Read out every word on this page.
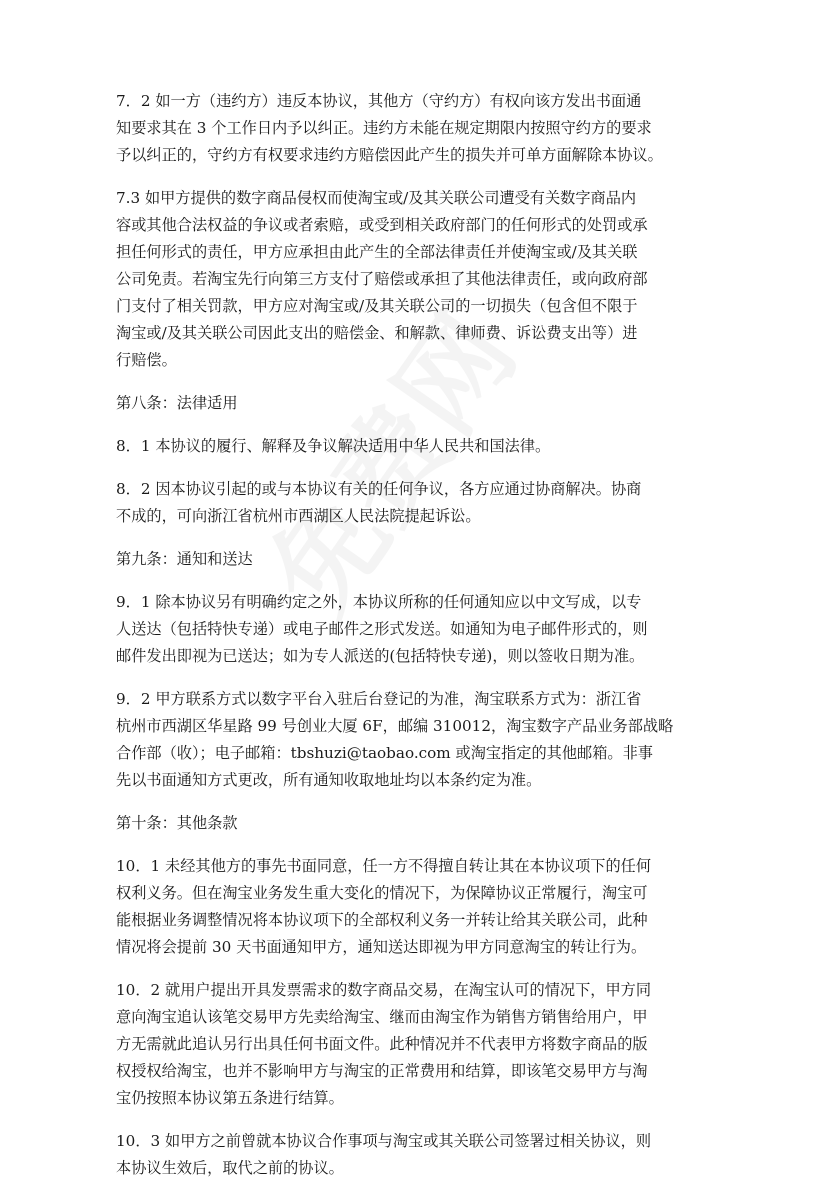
7．2 如一方（违约方）违反本协议，其他方（守约方）有权向该方发出书面通
知要求其在 3 个工作日内予以纠正。违约方未能在规定期限内按照守约方的要求
予以纠正的，守约方有权要求违约方赔偿因此产生的损失并可单方面解除本协议。

7.3 如甲方提供的数字商品侵权而使淘宝或/及其关联公司遭受有关数字商品内
容或其他合法权益的争议或者索赔，或受到相关政府部门的任何形式的处罚或承
担任何形式的责任，甲方应承担由此产生的全部法律责任并使淘宝或/及其关联
公司免责。若淘宝先行向第三方支付了赔偿或承担了其他法律责任，或向政府部
门支付了相关罚款，甲方应对淘宝或/及其关联公司的一切损失（包含但不限于
淘宝或/及其关联公司因此支出的赔偿金、和解款、律师费、诉讼费支出等）进
行赔偿。

第八条：法律适用

8．1 本协议的履行、解释及争议解决适用中华人民共和国法律。

8．2 因本协议引起的或与本协议有关的任何争议，各方应通过协商解决。协商
不成的，可向浙江省杭州市西湖区人民法院提起诉讼。

第九条：通知和送达

9．1 除本协议另有明确约定之外，本协议所称的任何通知应以中文写成，以专
人送达（包括特快专递）或电子邮件之形式发送。如通知为电子邮件形式的，则
邮件发出即视为已送达；如为专人派送的(包括特快专递)，则以签收日期为准。

9．2 甲方联系方式以数字平台入驻后台登记的为准，淘宝联系方式为：浙江省
杭州市西湖区华星路 99 号创业大厦 6F，邮编 310012，淘宝数字产品业务部战略
合作部（收）；电子邮箱：tbshuzi@taobao.com 或淘宝指定的其他邮箱。非事
先以书面通知方式更改，所有通知收取地址均以本条约定为准。

第十条：其他条款

10．1 未经其他方的事先书面同意，任一方不得擅自转让其在本协议项下的任何
权利义务。但在淘宝业务发生重大变化的情况下，为保障协议正常履行，淘宝可
能根据业务调整情况将本协议项下的全部权利义务一并转让给其关联公司，此种
情况将会提前 30 天书面通知甲方，通知送达即视为甲方同意淘宝的转让行为。

10．2 就用户提出开具发票需求的数字商品交易，在淘宝认可的情况下，甲方同
意向淘宝追认该笔交易甲方先卖给淘宝、继而由淘宝作为销售方销售给用户，甲
方无需就此追认另行出具任何书面文件。此种情况并不代表甲方将数字商品的版
权授权给淘宝，也并不影响甲方与淘宝的正常费用和结算，即该笔交易甲方与淘
宝仍按照本协议第五条进行结算。

10．3 如甲方之前曾就本协议合作事项与淘宝或其关联公司签署过相关协议，则
本协议生效后，取代之前的协议。
